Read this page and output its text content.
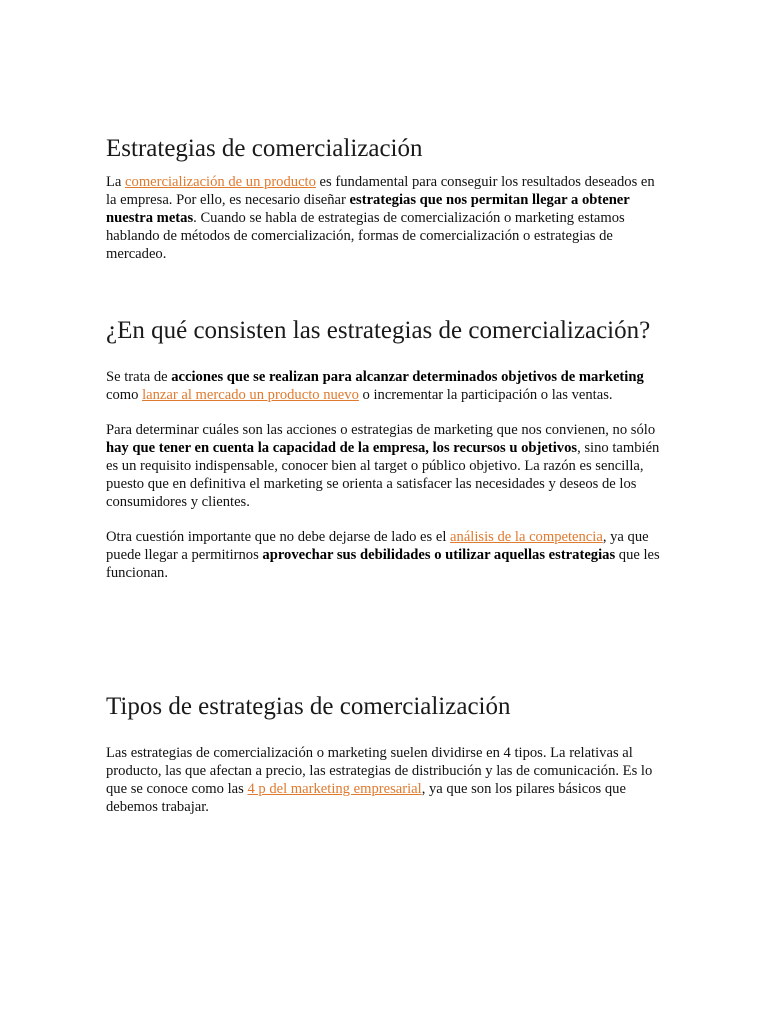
Estrategias de comercialización

La comercialización de un producto es fundamental para conseguir los resultados deseados en la empresa. Por ello, es necesario diseñar estrategias que nos permitan llegar a obtener nuestra metas. Cuando se habla de estrategias de comercialización o marketing estamos hablando de métodos de comercialización, formas de comercialización o estrategias de mercadeo.

¿En qué consisten las estrategias de comercialización?

Se trata de acciones que se realizan para alcanzar determinados objetivos de marketing como lanzar al mercado un producto nuevo o incrementar la participación o las ventas.

Para determinar cuáles son las acciones o estrategias de marketing que nos convienen, no sólo hay que tener en cuenta la capacidad de la empresa, los recursos u objetivos, sino también es un requisito indispensable, conocer bien al target o público objetivo. La razón es sencilla, puesto que en definitiva el marketing se orienta a satisfacer las necesidades y deseos de los consumidores y clientes.

Otra cuestión importante que no debe dejarse de lado es el análisis de la competencia, ya que puede llegar a permitirnos aprovechar sus debilidades o utilizar aquellas estrategias que les funcionan.

Tipos de estrategias de comercialización

Las estrategias de comercialización o marketing suelen dividirse en 4 tipos. La relativas al producto, las que afectan a precio, las estrategias de distribución y las de comunicación. Es lo que se conoce como las 4 p del marketing empresarial, ya que son los pilares básicos que debemos trabajar.
